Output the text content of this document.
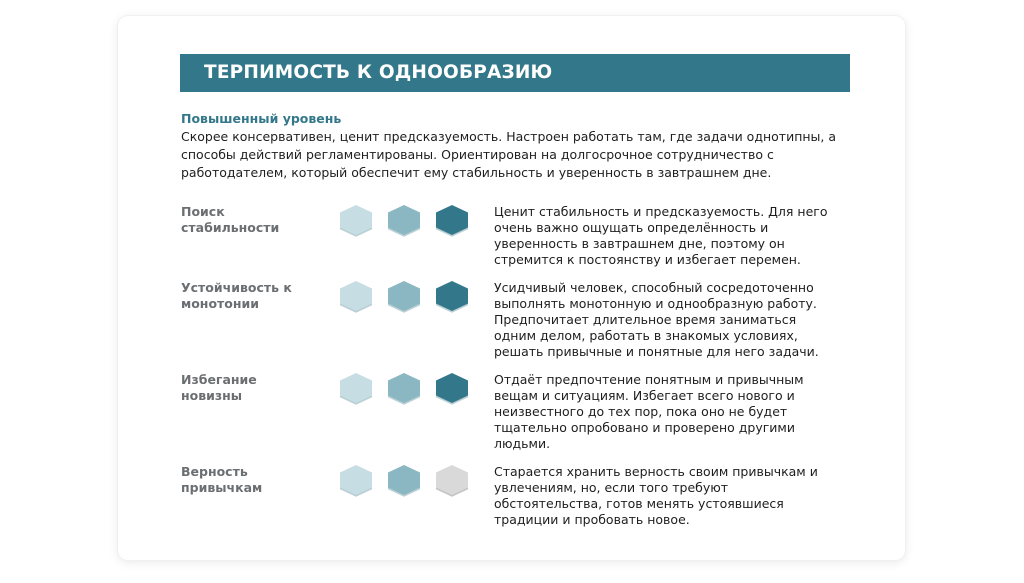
ТЕРПИМОСТЬ К ОДНООБРАЗИЮ
Повышенный уровень
Скорее консервативен, ценит предсказуемость. Настроен работать там, где задачи однотипны, а способы действий регламентированы. Ориентирован на долгосрочное сотрудничество с работодателем, который обеспечит ему стабильность и уверенность в завтрашнем дне.
Поиск стабильности
Ценит стабильность и предсказуемость. Для него очень важно ощущать определённость и уверенность в завтрашнем дне, поэтому он стремится к постоянству и избегает перемен.
Устойчивость к монотонии
Усидчивый человек, способный сосредоточенно выполнять монотонную и однообразную работу. Предпочитает длительное время заниматься одним делом, работать в знакомых условиях, решать привычные и понятные для него задачи.
Избегание новизны
Отдаёт предпочтение понятным и привычным вещам и ситуациям. Избегает всего нового и неизвестного до тех пор, пока оно не будет тщательно опробовано и проверено другими людьми.
Верность привычкам
Старается хранить верность своим привычкам и увлечениям, но, если того требуют обстоятельства, готов менять устоявшиеся традиции и пробовать новое.
